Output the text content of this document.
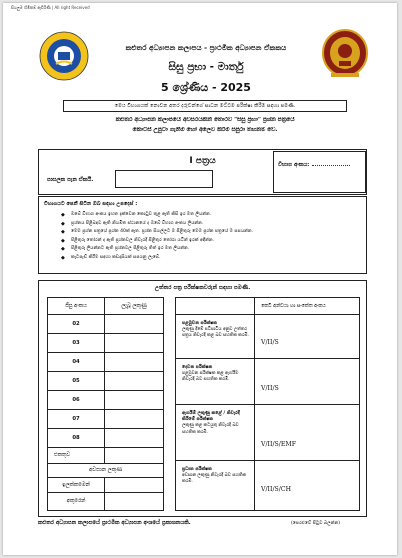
සියලුම හිමිකම් ඇවිරිණි | All right Received
කළුතර අධ්‍යාපන කලාපය - ප්‍රාථමික අධ්‍යාපන ඒකකය
සිසු ප්‍රභා - මාර්තු
5 ශ්‍රේණිය - 2025
මෙය විභාගයක් නොවන අතර දරුවන්ගේ සාධන මට්ටම පරීක්ෂා කිරීම සඳහා පමණි.
කළුතර අධ්‍යාපන කලාපයේ අවසරයකින් තොරව "සිසු ප්‍රභා" ප්‍රශ්න පත්‍රයේ
කොටස් උපුටා ගැනීම හෝ අලෙවි කිරීම සපුරා තහනම් වේ.
I පත්‍රය
පාසලක පැන ඒකයී.
විභාග අංකය:
විභාගයට පෙනී සිටින ඔබ සඳහා උපදෙස් :
◆ ඔබේ විභාග අංකය ඉහත දැක්වෙන කොටුව තුළ ඇති කිසි ඉර මත ලියන්න.
◆ ප්‍රශ්නය පිළිබඳව ඇති නියමිත ස්ථානයේ ද ඔබේ විභාග අංකය ලියන්න.
◆ මෙම ප්‍රශ්න පත්‍රයේ ප්‍රශ්න 40ක් ඇත. ප්‍රශ්න සියල්ලට ම පිළිතුරු මෙම ප්‍රශ්න පත්‍රයේ ම සපයන්න.
◆ පිළිතුරු තෝරන් ද ඇති ප්‍රශ්නවල නිවැරදි පිළිතුර තෝරා යටින් ඉරක් අඳින්න.
◆ පිළිතුරු ලියන්නට ඇති ප්‍රශ්නවල පිළිතුරු තිත් ඉර මත ලියන්න.
◆ කැටපැඩ් කිරීම සඳහා කඩදාසියක් සපයනු ලැබේ.
උත්තර පත්‍ර පරීක්ෂකවරුන් සඳහා පමණි.
ජීපු අංකය	ලැබූ ලකුණු
02
03
04
05
06
07
08
එකතුව
අවසාන ලකුණ
ඉලක්කමෙන්
අකුරෙන්
කෙටි අන්වයා හා සංකේත අංකය
පළමුවන පරීක්ෂක
ලකුණු දීමේ පටිපාටිය අනුව උත්තර පත්‍රය නිවැරදි කළ බව සහතික කරමි.
V/II/S
දෙවන පරීක්ෂක
පළමුවන පරීක්ෂක කළ ඇගයීම නිවැරදි බව සහතික කරමි.
V/II/S
ඇගයීම් ලකුණු කළේ / නිවැරදි කිරීමේ පරීක්ෂක
ලකුණු කළ කටයුතු නිවැරදි බව සහතික කරමි.
V/II/S/EMF
ප්‍රධාන පරීක්ෂක
අවසාන ලකුණු නිවැරදි බව සහතික කරමි.
V/II/S/CH
කළුතර අධ්‍යාපන කලාපයේ ප්‍රාථමික අධ්‍යාපන අංශයේ ප්‍රකාශනයකි.	(පෙරළුවේ පිටුව බලන්න)
